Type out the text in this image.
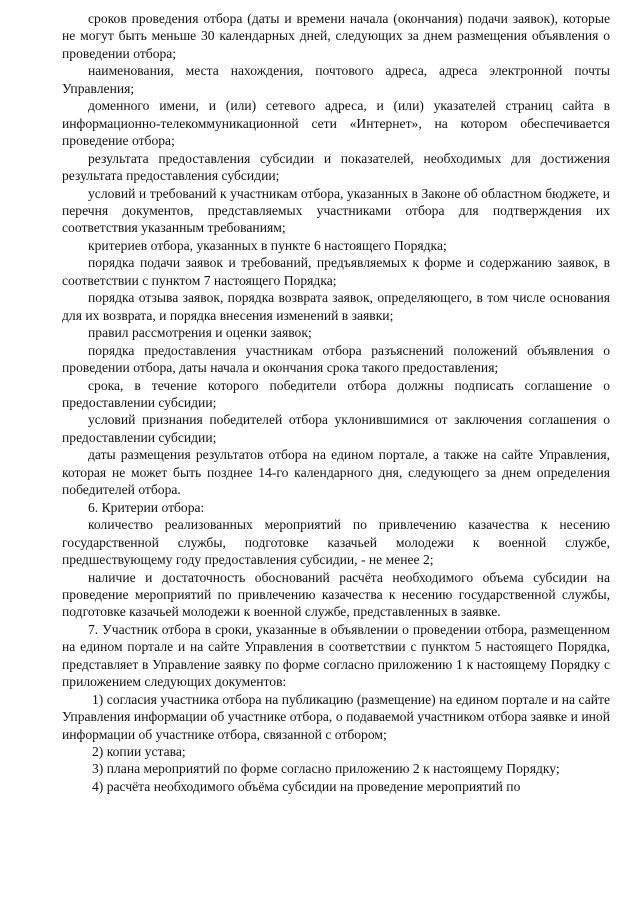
сроков проведения отбора (даты и времени начала (окончания) подачи заявок), которые не могут быть меньше 30 календарных дней, следующих за днем размещения объявления о проведении отбора;

наименования, места нахождения, почтового адреса, адреса электронной почты Управления;

доменного имени, и (или) сетевого адреса, и (или) указателей страниц сайта в информационно-телекоммуникационной сети «Интернет», на котором обеспечивается проведение отбора;

результата предоставления субсидии и показателей, необходимых для достижения результата предоставления субсидии;

условий и требований к участникам отбора, указанных в Законе об областном бюджете, и перечня документов, представляемых участниками отбора для подтверждения их соответствия указанным требованиям;

критериев отбора, указанных в пункте 6 настоящего Порядка;

порядка подачи заявок и требований, предъявляемых к форме и содержанию заявок, в соответствии с пунктом 7 настоящего Порядка;

порядка отзыва заявок, порядка возврата заявок, определяющего, в том числе основания для их возврата, и порядка внесения изменений в заявки;

правил рассмотрения и оценки заявок;

порядка предоставления участникам отбора разъяснений положений объявления о проведении отбора, даты начала и окончания срока такого предоставления;

срока, в течение которого победители отбора должны подписать соглашение о предоставлении субсидии;

условий признания победителей отбора уклонившимися от заключения соглашения о предоставлении субсидии;

даты размещения результатов отбора на едином портале, а также на сайте Управления, которая не может быть позднее 14-го календарного дня, следующего за днем определения победителей отбора.

6. Критерии отбора:

количество реализованных мероприятий по привлечению казачества к несению государственной службы, подготовке казачьей молодежи к военной службе, предшествующему году предоставления субсидии, - не менее 2;

наличие и достаточность обоснований расчёта необходимого объема субсидии на проведение мероприятий по привлечению казачества к несению государственной службы, подготовке казачьей молодежи к военной службе, представленных в заявке.

7. Участник отбора в сроки, указанные в объявлении о проведении отбора, размещенном на едином портале и на сайте Управления в соответствии с пунктом 5 настоящего Порядка, представляет в Управление заявку по форме согласно приложению 1 к настоящему Порядку с приложением следующих документов:

1) согласия участника отбора на публикацию (размещение) на едином портале и на сайте Управления информации об участнике отбора, о подаваемой участником отбора заявке и иной информации об участнике отбора, связанной с отбором;

2) копии устава;

3) плана мероприятий по форме согласно приложению 2 к настоящему Порядку;

4) расчёта необходимого объёма субсидии на проведение мероприятий по
